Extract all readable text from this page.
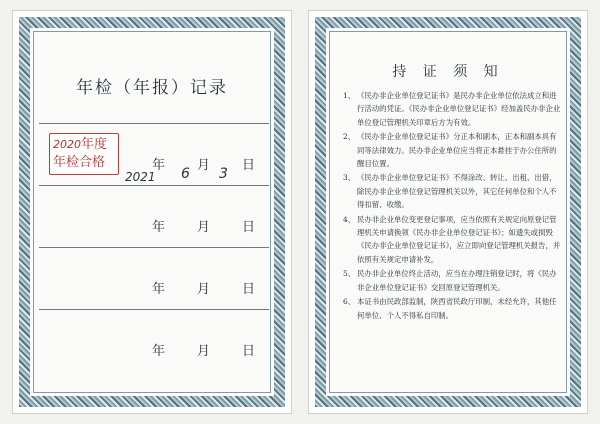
年检（年报）记录
2020年度
年检合格
2021 6 3
年 月 日
年 月 日
年 月 日
年 月 日
持 证 须 知
1、 《民办非企业单位登记证书》是民办非企业单位依法成立和进行活动的凭证。《民办非企业单位登记证书》经加盖民办非企业单位登记管理机关印章后方为有效。
2、 《民办非企业单位登记证书》分正本和副本，正本和副本具有同等法律效力。民办非企业单位应当将正本悬挂于办公住所的醒目位置。
3、 《民办非企业单位登记证书》不得涂改、转让、出租、出借，除民办非企业单位登记管理机关以外，其它任何单位和个人不得扣留、收缴。
4、 民办非企业单位变更登记事项，应当依照有关规定向原登记管理机关申请换领《民办非企业单位登记证书》；如遗失或损毁《民办非企业单位登记证书》，应立即向登记管理机关报告，并依照有关规定申请补发。
5、 民办非企业单位终止活动，应当在办理注销登记时，将《民办非企业单位登记证书》交回原登记管理机关。
6、 本证书由民政部监制，陕西省民政厅印制，未经允许，其他任何单位、个人不得私自印制。
